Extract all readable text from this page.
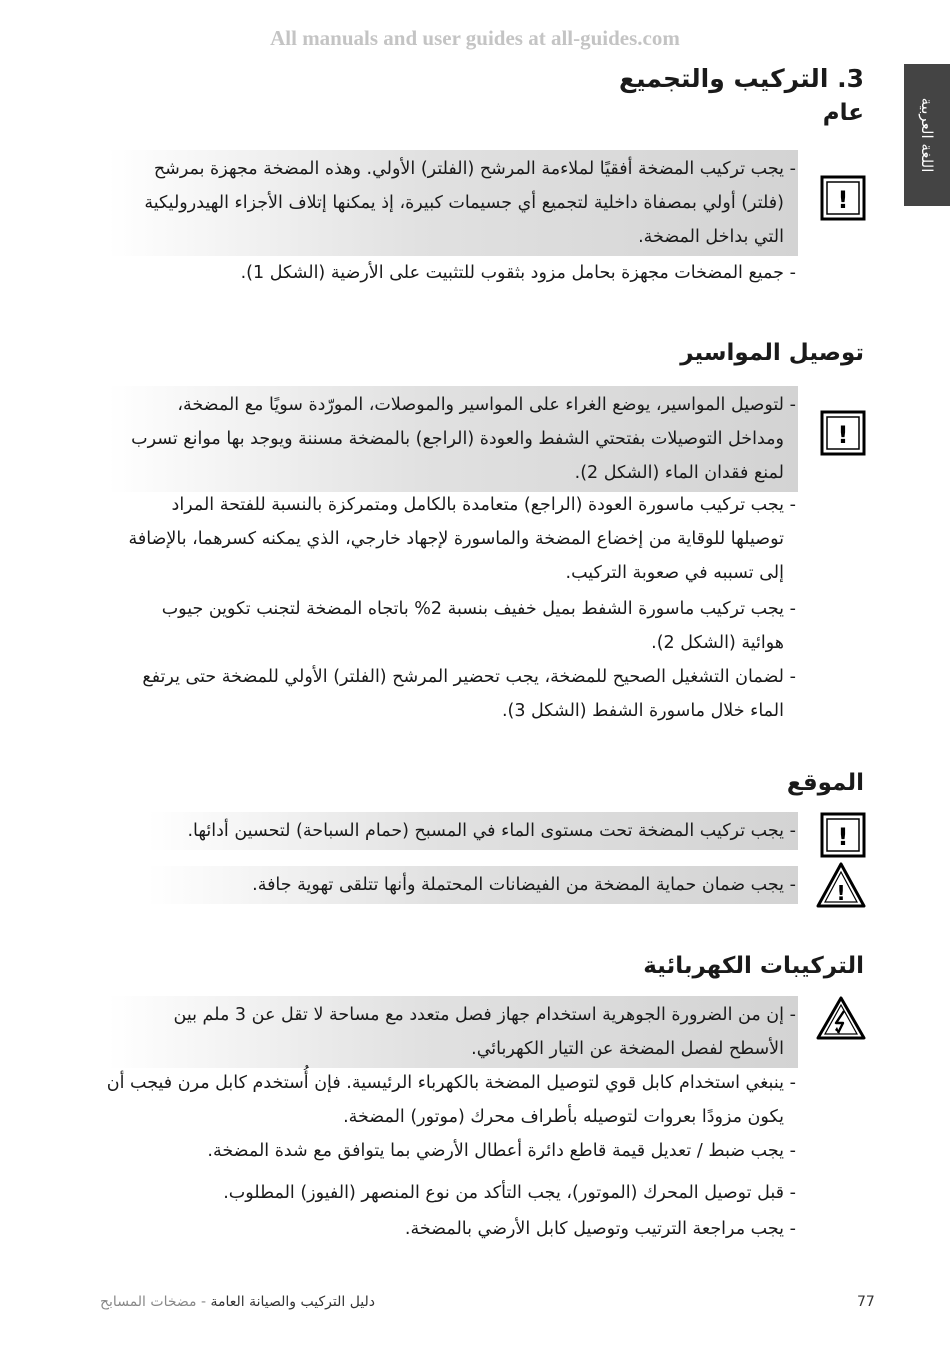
All manuals and user guides at all-guides.com
اللغة العربية
3. التركيب والتجميع
عام
-
يجب تركيب المضخة أفقيًا لملاءمة المرشح (الفلتر) الأولي. وهذه المضخة مجهزة بمرشح (فلتر) أولي بمصفاة داخلية لتجميع أي جسيمات كبيرة، إذ يمكنها إتلاف الأجزاء الهيدروليكية التي بداخل المضخة.
!
-
جميع المضخات مجهزة بحامل مزود بثقوب للتثبيت على الأرضية (الشكل 1).
توصيل المواسير
-
لتوصيل المواسير، يوضع الغراء على المواسير والموصلات، المورّدة سويًا مع المضخة، ومداخل التوصيلات بفتحتي الشفط والعودة (الراجع) بالمضخة مسننة ويوجد بها موانع تسرب لمنع فقدان الماء (الشكل 2).
!
-
يجب تركيب ماسورة العودة (الراجع) متعامدة بالكامل ومتمركزة بالنسبة للفتحة المراد توصيلها للوقاية من إخضاع المضخة والماسورة لإجهاد خارجي، الذي يمكنه كسرهما، بالإضافة إلى تسببه في صعوبة التركيب.
-
يجب تركيب ماسورة الشفط بميل خفيف بنسبة 2% باتجاه المضخة لتجنب تكوين جيوب هوائية (الشكل 2).
-
لضمان التشغيل الصحيح للمضخة، يجب تحضير المرشح (الفلتر) الأولي للمضخة حتى يرتفع الماء خلال ماسورة الشفط (الشكل 3).
الموقع
-
يجب تركيب المضخة تحت مستوى الماء في المسبح (حمام السباحة) لتحسين أدائها.	!
-
يجب ضمان حماية المضخة من الفيضانات المحتملة وأنها تتلقى تهوية جافة.	!
التركيبات الكهربائية
-
إن من الضرورة الجوهرية استخدام جهاز فصل متعدد مع مساحة لا تقل عن 3 ملم بين الأسطح لفصل المضخة عن التيار الكهربائي.
-
ينبغي استخدام كابل قوي لتوصيل المضخة بالكهرباء الرئيسية. فإن أُستخدم كابل مرن فيجب أن يكون مزودًا بعروات لتوصيله بأطراف محرك (موتور) المضخة.
-
يجب ضبط / تعديل قيمة قاطع دائرة أعطال الأرضي بما يتوافق مع شدة المضخة.
-
قبل توصيل المحرك (الموتور)، يجب التأكد من نوع المنصهر (الفيوز) المطلوب.
-
يجب مراجعة الترتيب وتوصيل كابل الأرضي بالمضخة.
77
دليل التركيب والصيانة العامة - مضخات المسابح
